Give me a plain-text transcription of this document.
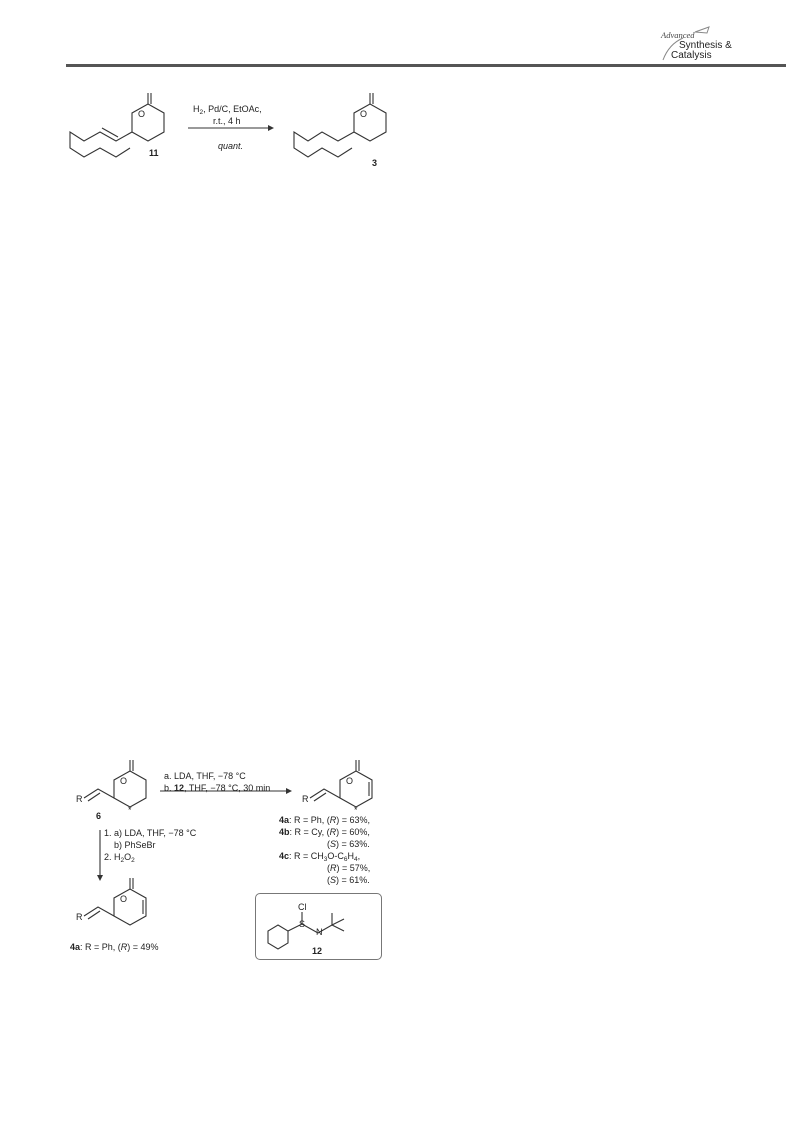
Advanced
Synthesis &
Catalysis
O	O
$H_2$, Pd/C, EtOAc,
r.t., 4 h
quant.
11
3
O	O
O
R	R
R
*	*
a. LDA, THF, −78 °C
b. 12, THF, −78 °C, 30 min
6
1. a) LDA, THF, −78 °C
b) PhSeBr
2. $H_2O_2$
4a: R = Ph, (R) = 63%,
4b: R = Cy, (R) = 60%,
(S) = 63%.
4c: $R = CH_3O-C_6H_4$,
(R) = 57%,
(S) = 61%.
4a: R = Ph, (R) = 49%
Cl
S
N
12
